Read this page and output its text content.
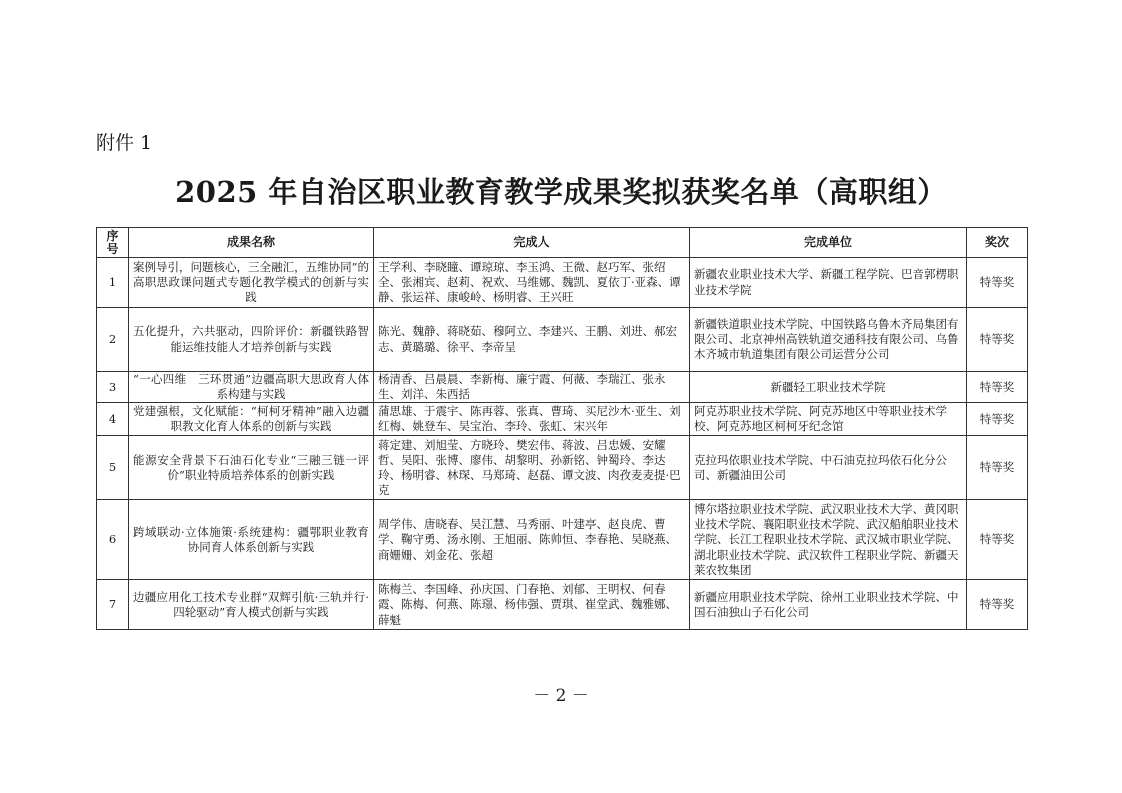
附件 1
2025 年自治区职业教育教学成果奖拟获奖名单（高职组）
序号	成果名称	完成人	完成单位	奖次
1	案例导引，问题核心，三全融汇，五维协同”的高职思政课问题式专题化教学模式的创新与实践	王学利、李晓瞳、谭琼琼、李玉鸿、王微、赵巧军、张绍全、张湘宾、赵莉、祝欢、马维娜、魏凯、夏依丁·亚森、谭静、张运祥、康峻岭、杨明睿、王兴旺	新疆农业职业技术大学、新疆工程学院、巴音郭楞职业技术学院	特等奖
2	五化提升，六共驱动，四阶评价：新疆铁路智能运维技能人才培养创新与实践	陈光、魏静、蒋晓茹、穆阿立、李建兴、王鹏、刘进、郝宏志、黄璐璐、徐平、李帝呈	新疆铁道职业技术学院、中国铁路乌鲁木齐局集团有限公司、北京神州高铁轨道交通科技有限公司、乌鲁木齐城市轨道集团有限公司运营分公司	特等奖
3	“一心四维　三环贯通”边疆高职大思政育人体系构建与实践	杨清香、吕晨晨、李新梅、廉宁霞、何薇、李瑞江、张永生、刘洋、朱西括	新疆轻工职业技术学院	特等奖
4	党建强根，文化赋能：“柯柯牙精神”融入边疆职教文化育人体系的创新与实践	蒲思雄、于震宇、陈再蓉、张真、曹琦、买尼沙木·亚生、刘红梅、姚登车、吴宝治、李玲、张虹、宋兴年	阿克苏职业技术学院、阿克苏地区中等职业技术学校、阿克苏地区柯柯牙纪念馆	特等奖
5	能源安全背景下石油石化专业“三融三链一评价”职业特质培养体系的创新实践	蒋定建、刘旭莹、方晓玲、樊宏伟、蒋波、吕忠媛、安耀哲、吴阳、张博、廖伟、胡黎明、孙新铭、钟蜀玲、李达玲、杨明睿、林琛、马郑琦、赵磊、谭文波、肉孜麦麦提·巴克	克拉玛依职业技术学院、中石油克拉玛依石化分公司、新疆油田公司	特等奖
6	跨域联动·立体施策·系统建构：疆鄂职业教育协同育人体系创新与实践	周学伟、唐晓春、吴江慧、马秀丽、叶建亭、赵良虎、曹学、鞠守勇、汤永刚、王旭丽、陈帅恒、李春艳、吴晓燕、商姗姗、刘金花、张超	博尔塔拉职业技术学院、武汉职业技术大学、黄冈职业技术学院、襄阳职业技术学院、武汉船舶职业技术学院、长江工程职业技术学院、武汉城市职业学院、湖北职业技术学院、武汉软件工程职业学院、新疆天莱农牧集团	特等奖
7	边疆应用化工技术专业群“双辉引航·三轨并行·四轮驱动”育人模式创新与实践	陈梅兰、李国峰、孙庆国、门春艳、刘郁、王明权、何春霞、陈梅、何燕、陈璟、杨伟强、贾琪、崔堂武、魏雅娜、薛魁	新疆应用职业技术学院、徐州工业职业技术学院、中国石油独山子石化公司	特等奖
－ 2 －
